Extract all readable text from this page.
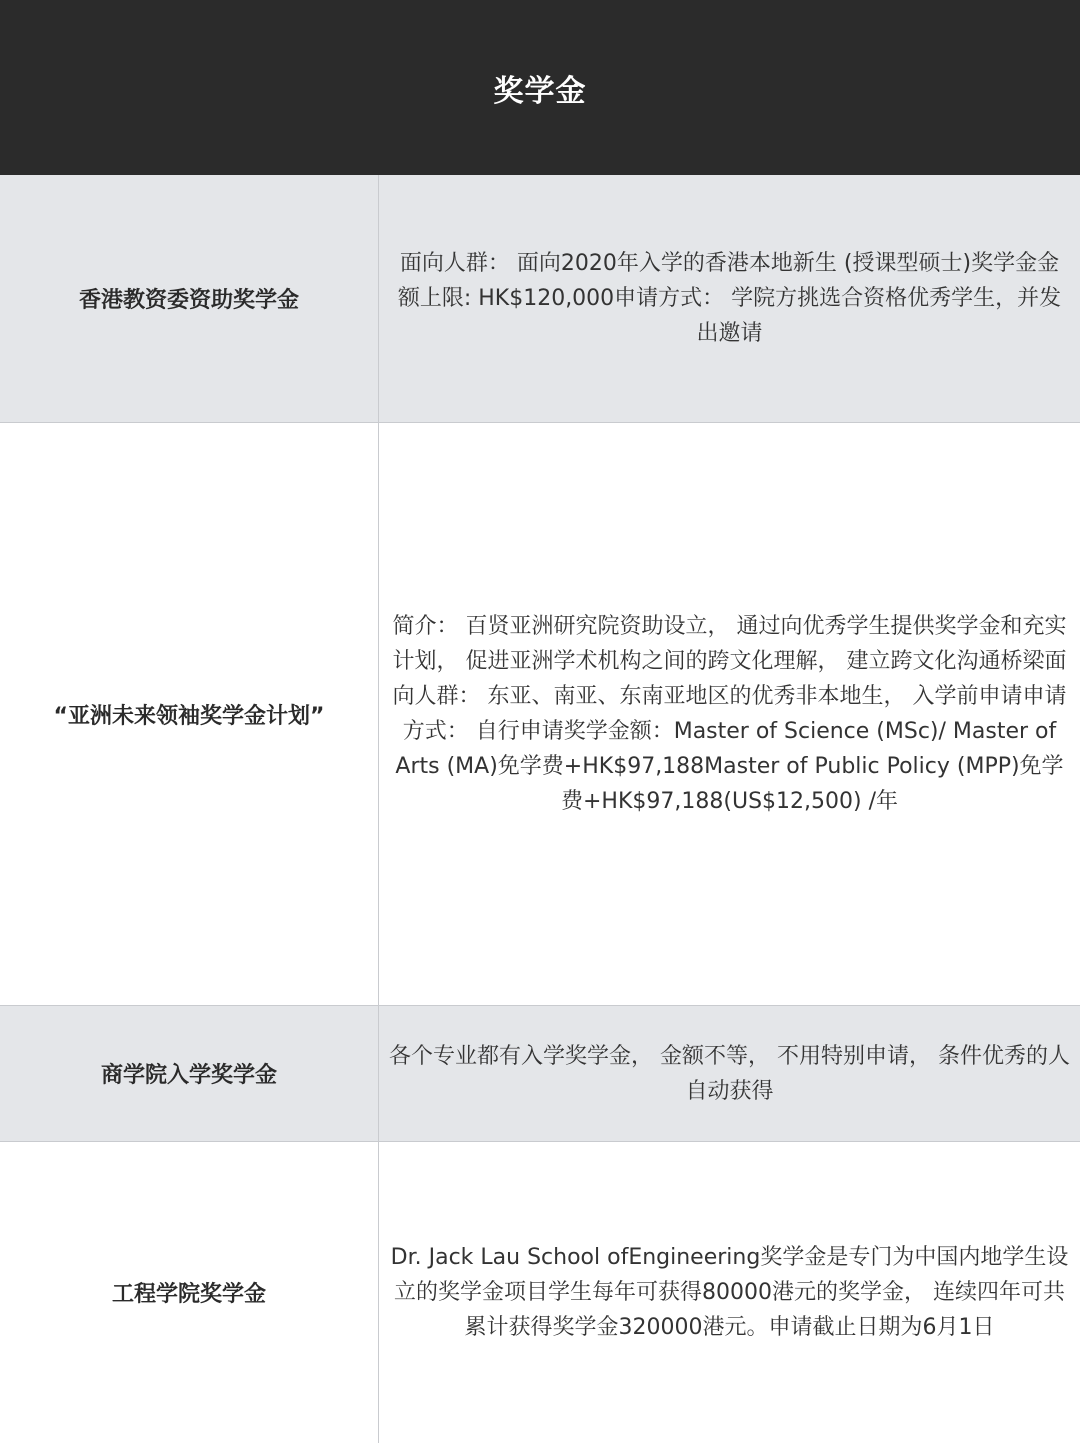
奖学金
香港教资委资助奖学金
面向人群： 面向2020年入学的香港本地新生 (授课型硕士)奖学金金额上限: HK$120,000申请方式： 学院方挑选合资格优秀学生，并发出邀请
“亚洲未来领袖奖学金计划”
简介： 百贤亚洲研究院资助设立， 通过向优秀学生提供奖学金和充实计划， 促进亚洲学术机构之间的跨文化理解， 建立跨文化沟通桥梁面向人群： 东亚、南亚、东南亚地区的优秀非本地生， 入学前申请申请方式： 自行申请奖学金额：Master of Science (MSc)/ Master of Arts (MA)免学费+HK$97,188Master of Public Policy (MPP)免学费+HK$97,188(US$12,500) /年
商学院入学奖学金
各个专业都有入学奖学金， 金额不等， 不用特别申请， 条件优秀的人自动获得
工程学院奖学金
Dr. Jack Lau School ofEngineering奖学金是专门为中国内地学生设立的奖学金项目学生每年可获得80000港元的奖学金， 连续四年可共累计获得奖学金320000港元。申请截止日期为6月1日
